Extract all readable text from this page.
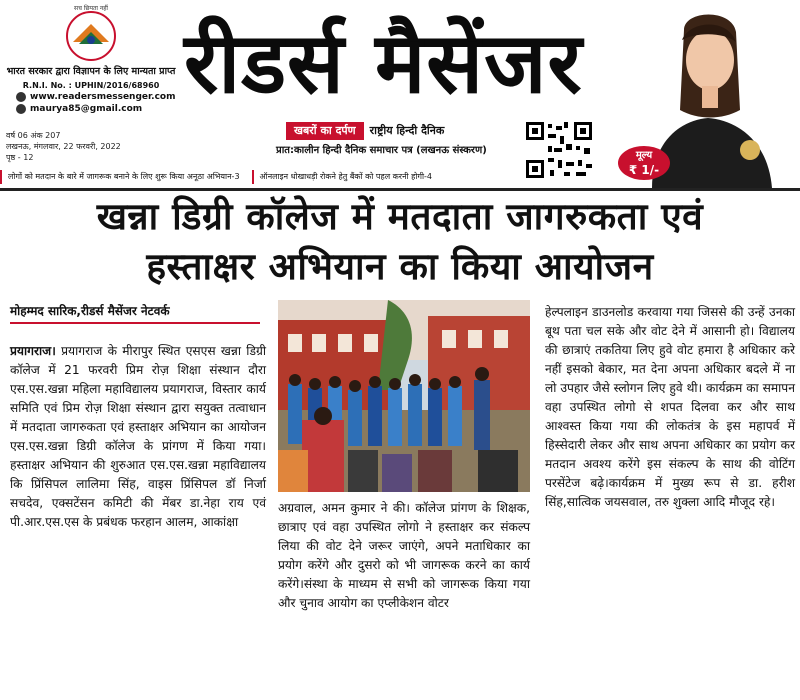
सच छिपता नहीं
भारत सरकार द्वारा विज्ञापन के लिए मान्यता प्राप्त
R.N.I. No. : UPHIN/2016/68960
www.readersmessenger.com
maurya85@gmail.com रीडर्स मैसेंजर
खबरों का दर्पण	राष्ट्रीय हिन्दी दैनिक
प्रात:कालीन हिन्दी दैनिक समाचार पत्र (लखनऊ संस्करण)
वर्ष 06 अंक 207
लखनऊ, मंगलवार, 22 फरवरी, 2022
पृष्ठ - 12
लोगों को मतदान के बारे में जागरूक बनाने के लिए शुरू किया अनूठा अभियान-3	ऑनलाइन धोखाधड़ी रोकने हेतु बैंकों को पहल करनी होगी-4
मूल्य
₹ 1/-
खन्ना डिग्री कॉलेज में मतदाता जागरुकता एवं
हस्ताक्षर अभियान का किया आयोजन
मोहम्मद सारिक,रीडर्स मैसेंजर नेटवर्क
प्रयागराज। प्रयागराज के मीरापुर स्थित एसएस खन्ना डिग्री कॉलेज में 21 फरवरी प्रिम रोज़ शिक्षा संस्थान दौरा एस.एस.खन्ना महिला महाविद्यालय प्रयागराज, विस्तार कार्य समिति एवं प्रिम रोज़ शिक्षा संस्थान द्वारा सयुक्त तत्वाधान में मतदाता जागरुकता एवं हस्ताक्षर अभियान का आयोजन एस.एस.खन्ना डिग्री कॉलेज के प्रांगण में किया गया। हस्ताक्षर अभियान की शुरुआत एस.एस.खन्ना महाविद्यालय कि प्रिंसिपल लालिमा सिंह, वाइस प्रिंसिपल डॉ निर्जा सचदेव, एक्सटेंसन कमिटी की मेंबर डा.नेहा राय एवं पी.आर.एस.एस के प्रबंधक फरहान आलम, आकांक्षा
अग्रवाल, अमन कुमार ने की। कॉलेज प्रांगण के शिक्षक, छात्राए एवं वहा उपस्थित लोगो ने हस्ताक्षर कर संकल्प लिया की वोट देने जरूर जाएंगे, अपने मताधिकार का प्रयोग करेंगे और दुसरो को भी जागरूक करने का कार्य करेंगे।संस्था के माध्यम से सभी को जागरूक किया गया और चुनाव आयोग का एप्लीकेशन वोटर
हेल्पलाइन डाउनलोड करवाया गया जिससे की उन्हें उनका बूथ पता चल सके और वोट देने में आसानी हो। विद्यालय की छात्राएं तकतिया लिए हुवे वोट हमारा है अधिकार करे नहीं इसको बेकार, मत देना अपना अधिकार बदले में ना लो उपहार जैसे स्लोगन लिए हुवे थी। कार्यक्रम का समापन वहा उपस्थित लोगो से शपत दिलवा कर और साथ आश्वस्त किया गया की लोकतंत्र के इस महापर्व में हिस्सेदारी लेकर और साथ अपना अधिकार का प्रयोग कर मतदान अवश्य करेंगे इस संकल्प के साथ की वोटिंग परसेंटेज बढ़े।कार्यक्रम में मुख्य रूप से डा. हरीश सिंह,सात्विक जयसवाल, तरु शुक्ला आदि मौजूद रहे।
